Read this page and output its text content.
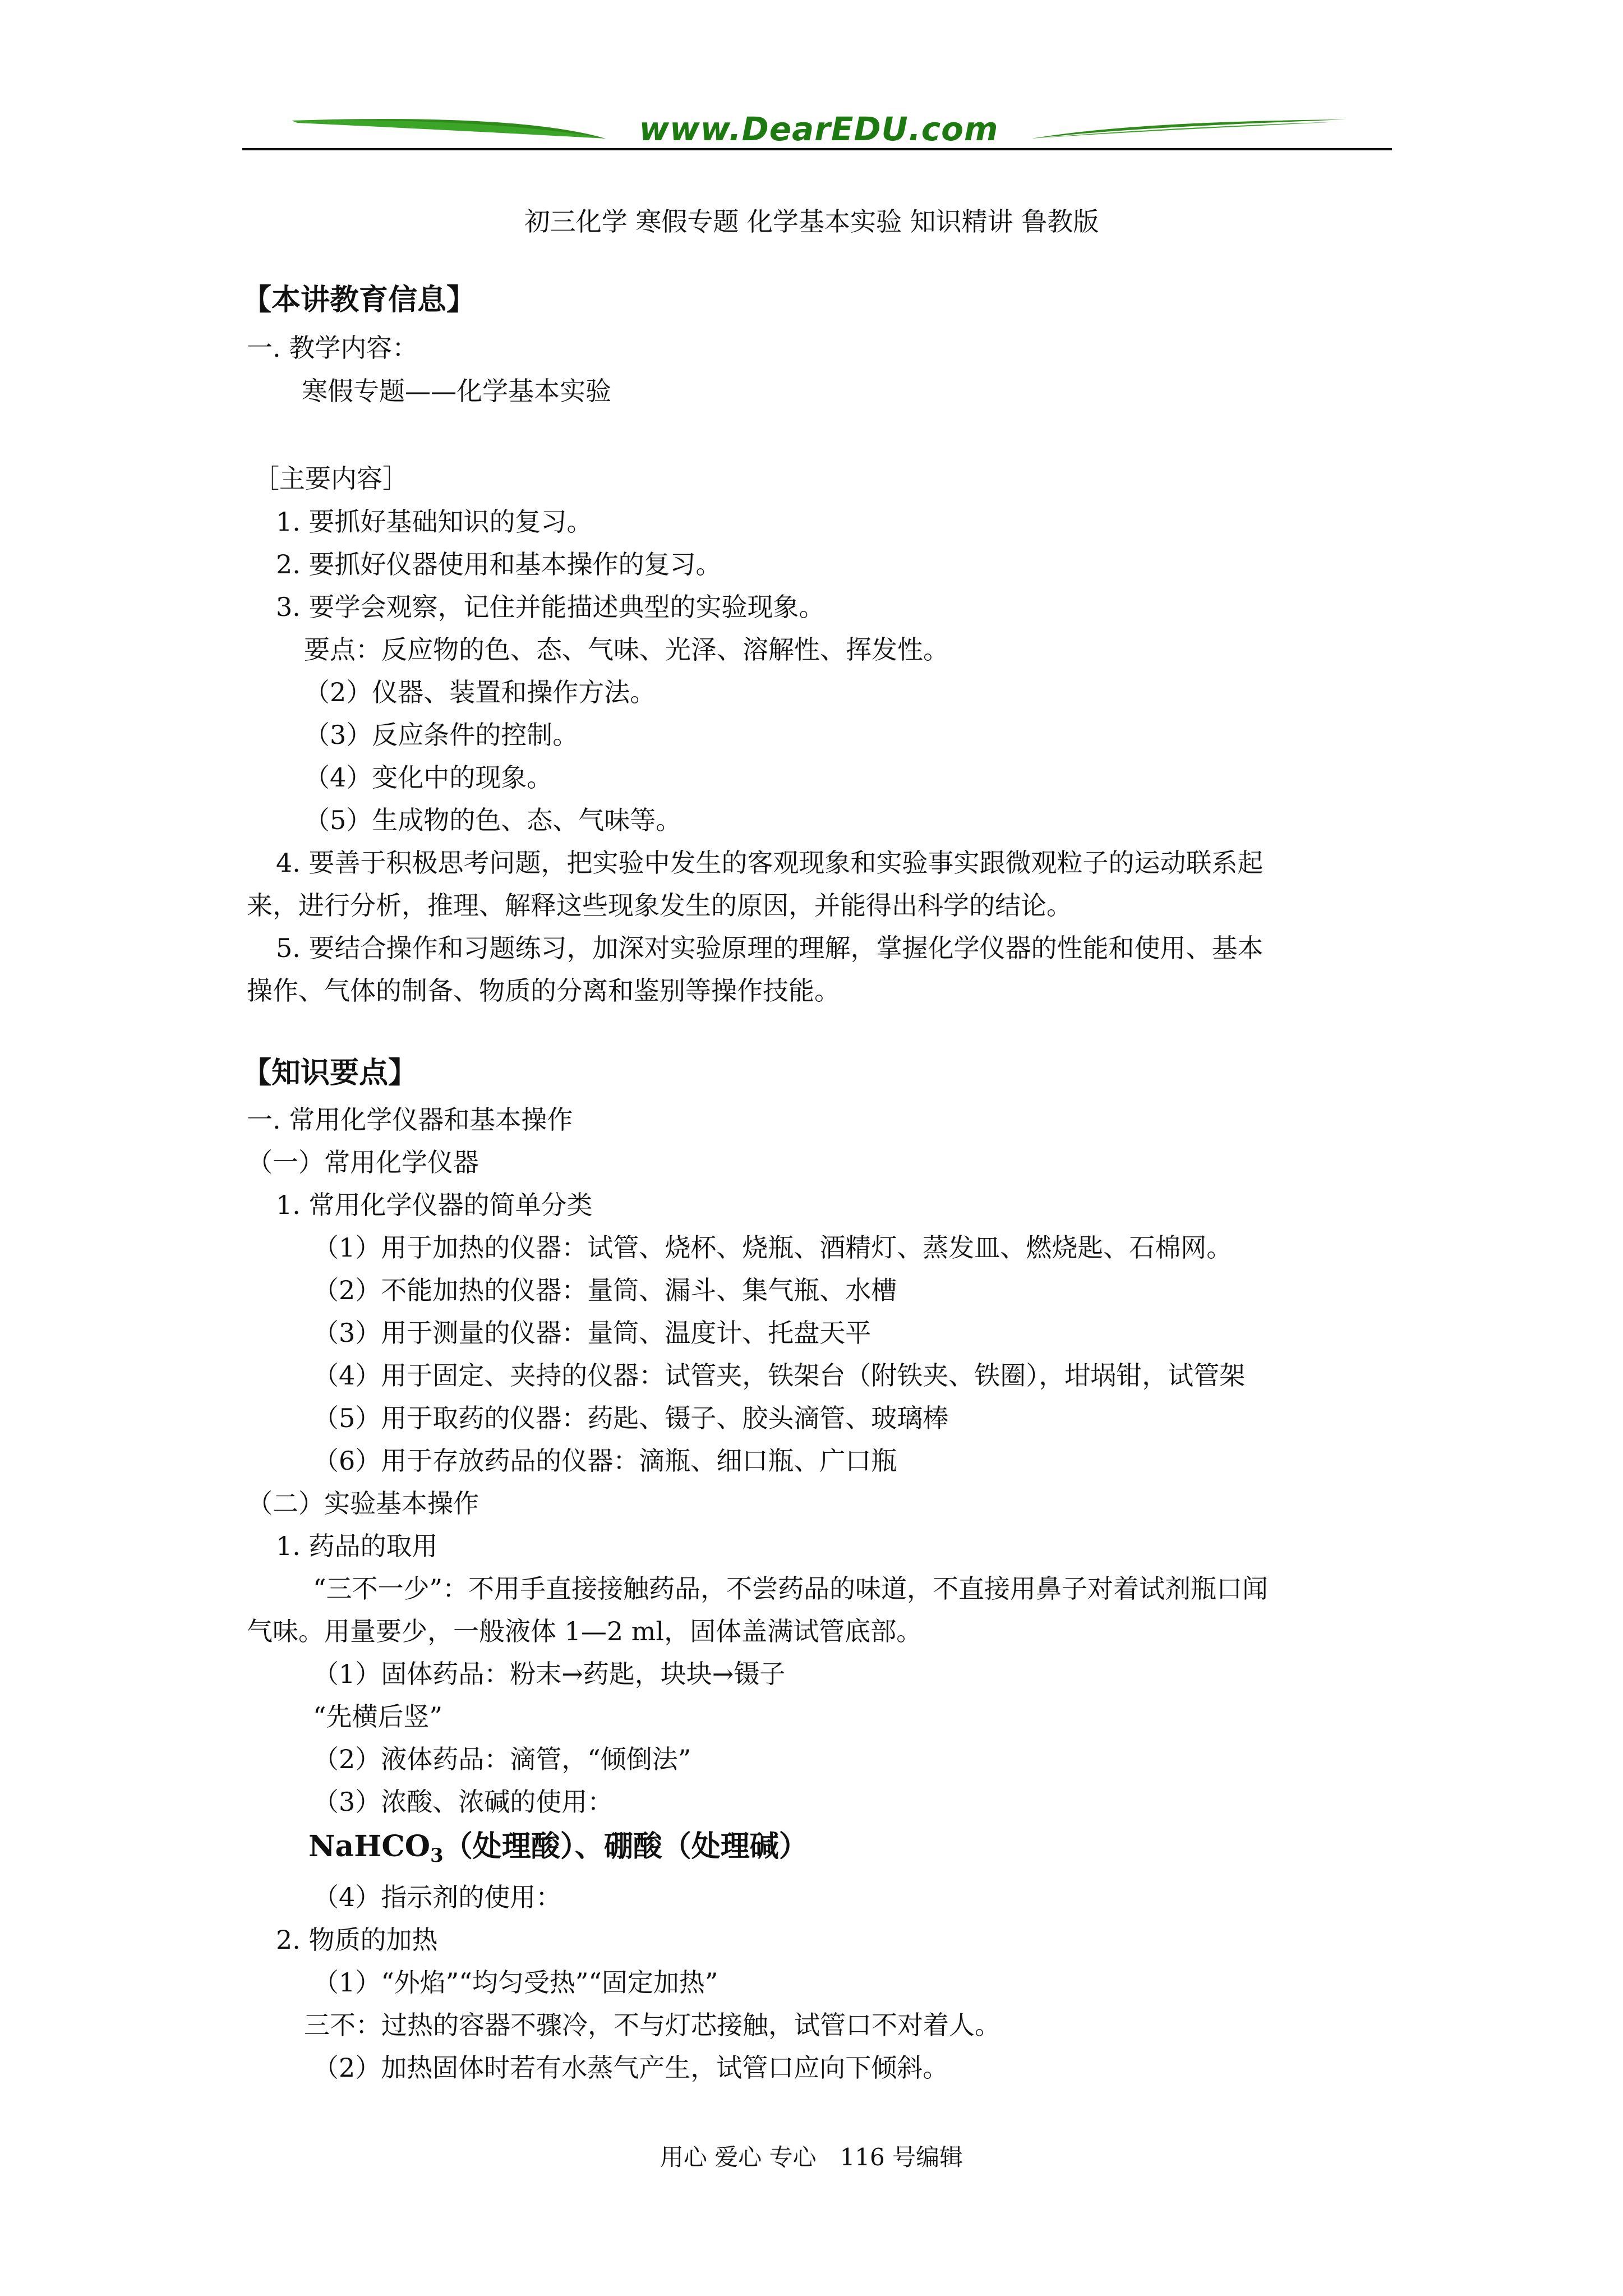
www.DearEDU.com
初三化学 寒假专题 化学基本实验 知识精讲 鲁教版
【本讲教育信息】
一. 教学内容：
寒假专题——化学基本实验
［主要内容］
1. 要抓好基础知识的复习。
2. 要抓好仪器使用和基本操作的复习。
3. 要学会观察，记住并能描述典型的实验现象。
要点：反应物的色、态、气味、光泽、溶解性、挥发性。
（2）仪器、装置和操作方法。
（3）反应条件的控制。
（4）变化中的现象。
（5）生成物的色、态、气味等。
4. 要善于积极思考问题，把实验中发生的客观现象和实验事实跟微观粒子的运动联系起
来，进行分析，推理、解释这些现象发生的原因，并能得出科学的结论。
5. 要结合操作和习题练习，加深对实验原理的理解，掌握化学仪器的性能和使用、基本
操作、气体的制备、物质的分离和鉴别等操作技能。
【知识要点】
一. 常用化学仪器和基本操作
（一）常用化学仪器
1. 常用化学仪器的简单分类
（1）用于加热的仪器：试管、烧杯、烧瓶、酒精灯、蒸发皿、燃烧匙、石棉网。
（2）不能加热的仪器：量筒、漏斗、集气瓶、水槽
（3）用于测量的仪器：量筒、温度计、托盘天平
（4）用于固定、夹持的仪器：试管夹，铁架台（附铁夹、铁圈），坩埚钳，试管架
（5）用于取药的仪器：药匙、镊子、胶头滴管、玻璃棒
（6）用于存放药品的仪器：滴瓶、细口瓶、广口瓶
（二）实验基本操作
1. 药品的取用
“三不一少”：不用手直接接触药品，不尝药品的味道，不直接用鼻子对着试剂瓶口闻
气味。用量要少，一般液体 1—2 ml，固体盖满试管底部。
（1）固体药品：粉末→药匙，块块→镊子
“先横后竖”
（2）液体药品：滴管，“倾倒法”
（3）浓酸、浓碱的使用：
NaHCO$_3$（处理酸）、硼酸（处理碱）
（4）指示剂的使用：
2. 物质的加热
（1）“外焰”“均匀受热”“固定加热”
三不：过热的容器不骤冷，不与灯芯接触，试管口不对着人。
（2）加热固体时若有水蒸气产生，试管口应向下倾斜。
用心 爱心 专心　116 号编辑
